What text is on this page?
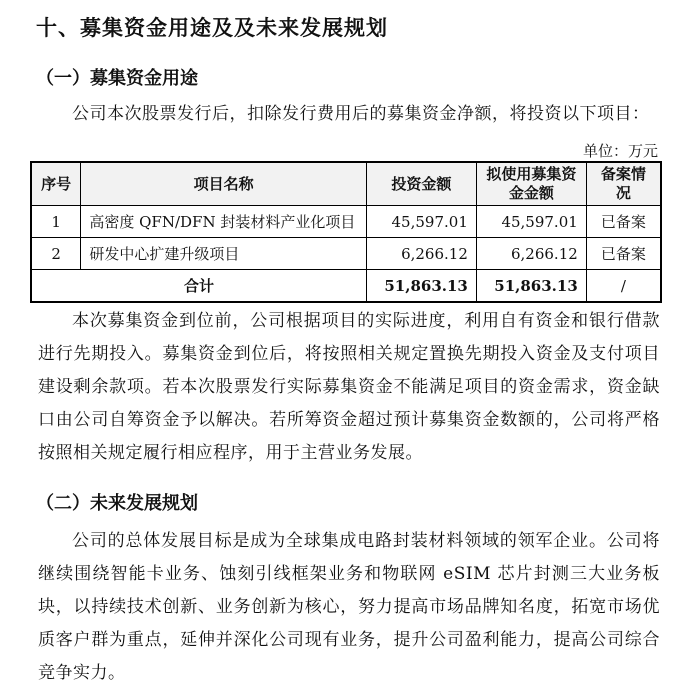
十、募集资金用途及及未来发展规划
（一）募集资金用途

公司本次股票发行后，扣除发行费用后的募集资金净额，将投资以下项目：

单位：万元
序号	项目名称	投资金额	拟使用募集资金金额	备案情况
1	高密度 QFN/DFN 封装材料产业化项目	45,597.01	45,597.01	已备案
2	研发中心扩建升级项目	6,266.12	6,266.12	已备案
合计		51,863.13	51,863.13	/

本次募集资金到位前，公司根据项目的实际进度，利用自有资金和银行借款进行先期投入。募集资金到位后，将按照相关规定置换先期投入资金及支付项目建设剩余款项。若本次股票发行实际募集资金不能满足项目的资金需求，资金缺口由公司自筹资金予以解决。若所筹资金超过预计募集资金数额的，公司将严格按照相关规定履行相应程序，用于主营业务发展。

（二）未来发展规划

公司的总体发展目标是成为全球集成电路封装材料领域的领军企业。公司将继续围绕智能卡业务、蚀刻引线框架业务和物联网 eSIM 芯片封测三大业务板块，以持续技术创新、业务创新为核心，努力提高市场品牌知名度，拓宽市场优质客户群为重点，延伸并深化公司现有业务，提升公司盈利能力，提高公司综合竞争实力。
